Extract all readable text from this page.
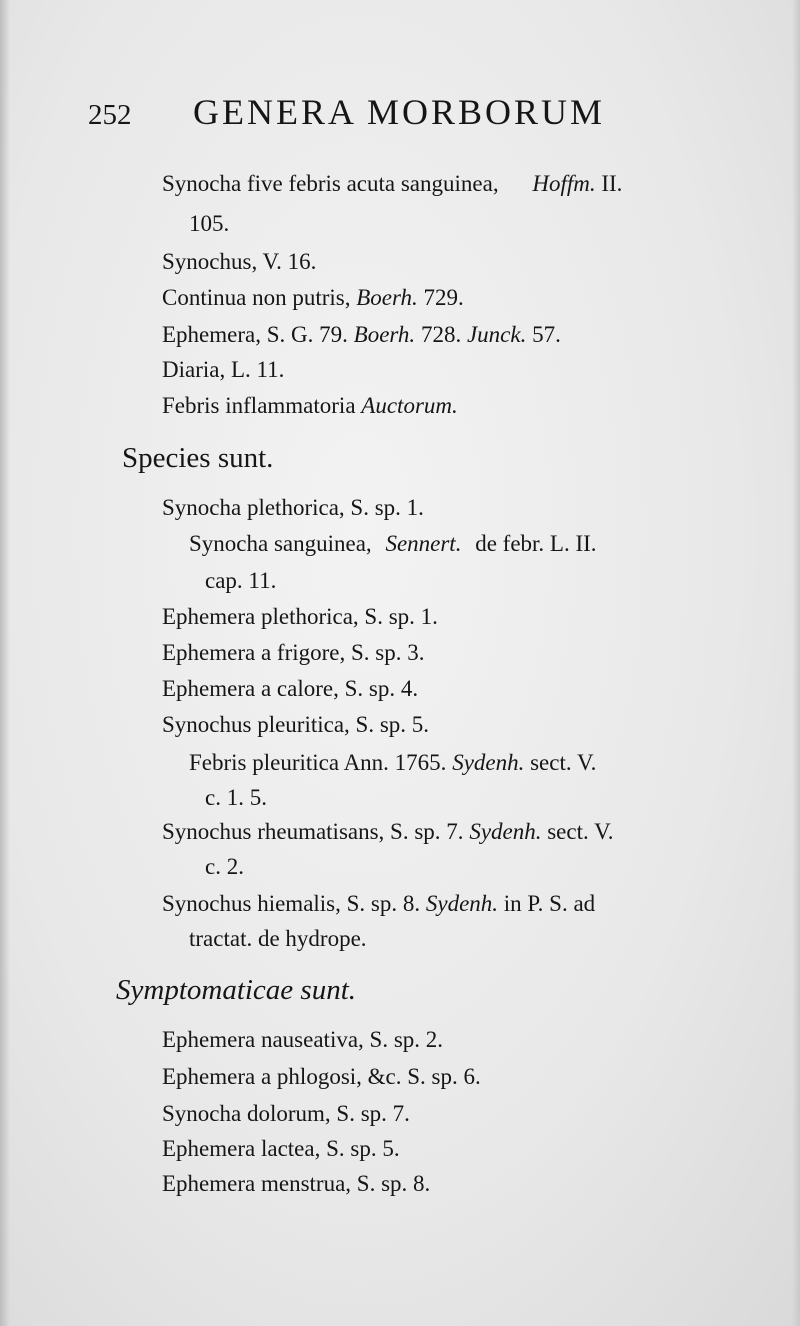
252 GENERA MORBORUM
Synocha five febris acuta sanguinea, Hoffm. II.
105.
Synochus, V. 16.
Continua non putris, Boerh. 729.
Ephemera, S. G. 79. Boerh. 728. Junck. 57.
Diaria, L. 11.
Febris inflammatoria Auctorum.
Species sunt.
Synocha plethorica, S. sp. 1.
Synocha sanguinea, Sennert. de febr. L. II.
cap. 11.
Ephemera plethorica, S. sp. 1.
Ephemera a frigore, S. sp. 3.
Ephemera a calore, S. sp. 4.
Synochus pleuritica, S. sp. 5.
Febris pleuritica Ann. 1765. Sydenh. sect. V.
c. 1. 5.
Synochus rheumatisans, S. sp. 7. Sydenh. sect. V.
c. 2.
Synochus hiemalis, S. sp. 8. Sydenh. in P. S. ad
tractat. de hydrope.
Symptomaticae sunt.
Ephemera nauseativa, S. sp. 2.
Ephemera a phlogosi, &c. S. sp. 6.
Synocha dolorum, S. sp. 7.
Ephemera lactea, S. sp. 5.
Ephemera menstrua, S. sp. 8.
